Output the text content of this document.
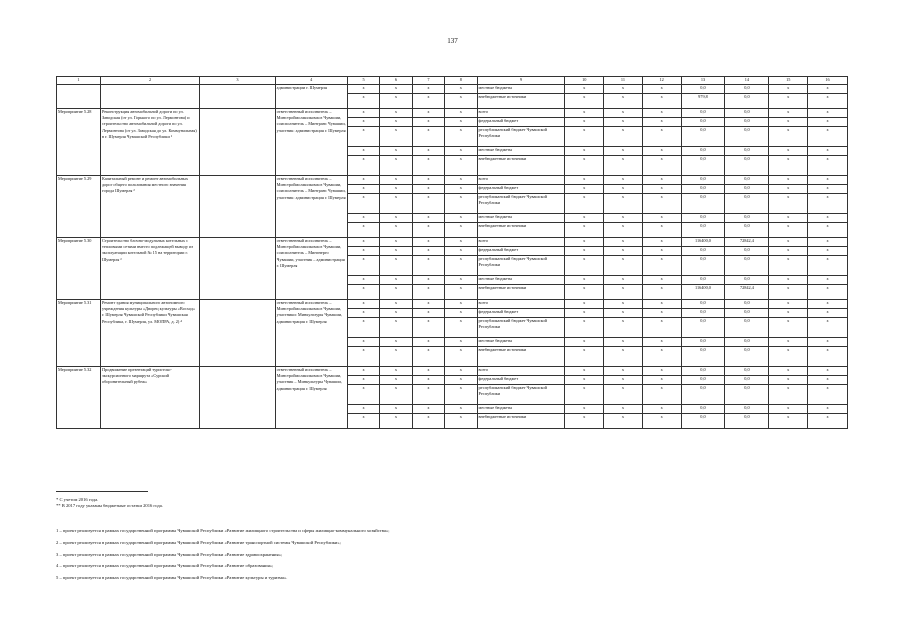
137
1	2	3	4	5	6	7	8	9	10	11	12	13	14	15	16
			администрации г. Шумерля	х	х	х	х	местные бюджеты	х	х	х	0,0	0,0	х	х
				х	х	х	х	внебюджетные источники	х	х	х	979,8	0,0	х	х
Мероприятие 5.28	Реконструкция автомобильной дороги по ул. Заводская (от ул. Горького по ул. Лермонтова) и строительство автомобильной дороги по ул. Лермонтова (от ул. Заводская до ул. Коммунальная) в г. Шумерля Чувашской Республики ¹		ответственный исполнитель – Минстроймолжилкомхоз Чувашии, соисполнитель – Минтранс Чувашии, участник: администрация г. Шумерля	х	х	х	х	всего	х	х	х	0,0	0,0	х	х
				х	х	х	х	федеральный бюджет	х	х	х	0,0	0,0	х	х
				х	х	х	х	республиканский бюджет Чувашской Республики	х	х	х	0,0	0,0	х	х
				х	х	х	х	местные бюджеты	х	х	х	0,0	0,0	х	х
				х	х	х	х	внебюджетные источники	х	х	х	0,0	0,0	х	х
Мероприятие 5.29	Капитальный ремонт и ремонт автомобильных дорог общего пользования местного значения города Шумерля ²		ответственный исполнитель – Минстроймолжилкомхоз Чувашии, соисполнитель – Минтранс Чувашии, участник: администрация г. Шумерля	х	х	х	х	всего	х	х	х	0,0	0,0	х	х
				х	х	х	х	федеральный бюджет	х	х	х	0,0	0,0	х	х
				х	х	х	х	республиканский бюджет Чувашской Республики	х	х	х	0,0	0,0	х	х
				х	х	х	х	местные бюджеты	х	х	х	0,0	0,0	х	х
				х	х	х	х	внебюджетные источники	х	х	х	0,0	0,0	х	х
Мероприятие 5.30	Строительство блочно-модульных котельных с тепловыми сетями вместо подлежащей выводу из эксплуатации котельной № 15 на территории г. Шумерля ³		ответственный исполнитель – Минстроймолжилкомхоз Чувашии, соисполнитель – Минэнерго Чувашии, участник – администрация г. Шумерля	х	х	х	х	всего	х	х	х	116400,0	72842,4	х	х
				х	х	х	х	федеральный бюджет	х	х	х	0,0	0,0	х	х
				х	х	х	х	республиканский бюджет Чувашской Республики	х	х	х	0,0	0,0	х	х
				х	х	х	х	местные бюджеты	х	х	х	0,0	0,0	х	х
				х	х	х	х	внебюджетные источники	х	х	х	116400,0	72842,4	х	х
Мероприятие 5.31	Ремонт здания муниципального автономного учреждения культуры «Дворец культуры «Восход» г. Шумерля Чувашской Республики Чувашская Республика, г. Шумерля, ул. МОПРА, д. 2) ⁴		ответственный исполнитель – Минстроймолжилкомхоз Чувашии, участники: Минкультуры Чувашии, администрация г. Шумерля	х	х	х	х	всего	х	х	х	0,0	0,0	х	х
				х	х	х	х	федеральный бюджет	х	х	х	0,0	0,0	х	х
				х	х	х	х	республиканский бюджет Чувашской Республики	х	х	х	0,0	0,0	х	х
				х	х	х	х	местные бюджеты	х	х	х	0,0	0,0	х	х
				х	х	х	х	внебюджетные источники	х	х	х	0,0	0,0	х	х
Мероприятие 5.32	Продвижение презентаций туристско-экскурсионного маршрута «Сурский оборонительный рубеж»		ответственный исполнитель – Минстроймолжилкомхоз Чувашии, участник – Минкультуры Чувашии, администрация г. Шумерля	х	х	х	х	всего	х	х	х	0,0	0,0	х	х
				х	х	х	х	федеральный бюджет	х	х	х	0,0	0,0	х	х
				х	х	х	х	республиканский бюджет Чувашской Республики	х	х	х	0,0	0,0	х	х
				х	х	х	х	местные бюджеты	х	х	х	0,0	0,0	х	х
				х	х	х	х	внебюджетные источники	х	х	х	0,0	0,0	х	х
* С учетом 2016 года.
** В 2017 году указаны бюджетные остатки 2016 года.
1 – проект реализуется в рамках государственной программы Чувашской Республики «Развитие жилищного строительства и сферы жилищно-коммунального хозяйства»;
2 – проект реализуется в рамках государственной программы Чувашской Республики «Развитие транспортной системы Чувашской Республики»;
3 – проект реализуется в рамках государственной программы Чувашской Республики «Развитие здравоохранения»;
4 – проект реализуется в рамках государственной программы Чувашской Республики «Развитие образования»;
5 – проект реализуется в рамках государственной программы Чувашской Республики «Развитие культуры и туризма».
